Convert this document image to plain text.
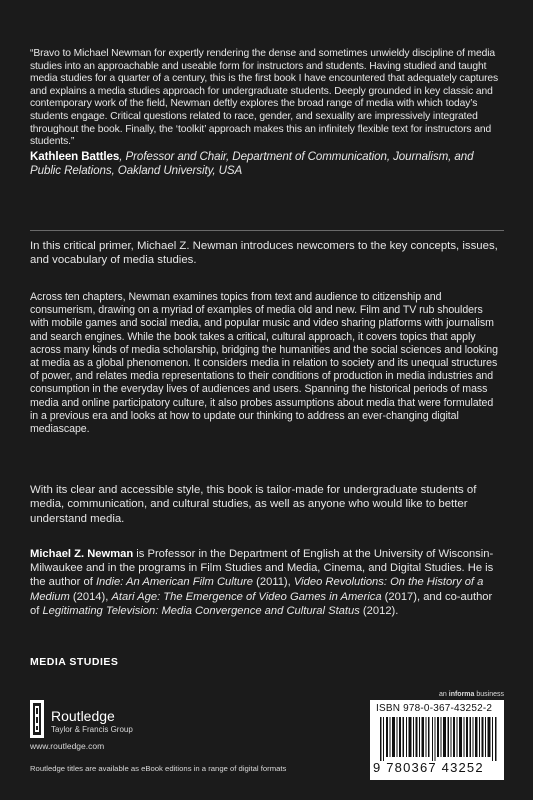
“Bravo to Michael Newman for expertly rendering the dense and sometimes unwieldy discipline of media studies into an approachable and useable form for instructors and students. Having studied and taught media studies for a quarter of a century, this is the first book I have encountered that adequately captures and explains a media studies approach for undergraduate students. Deeply grounded in key classic and contemporary work of the field, Newman deftly explores the broad range of media with which today’s students engage. Critical questions related to race, gender, and sexuality are impressively integrated throughout the book. Finally, the ‘toolkit’ approach makes this an infinitely flexible text for instructors and students.”

Kathleen Battles, Professor and Chair, Department of Communication, Journalism, and Public Relations, Oakland University, USA

In this critical primer, Michael Z. Newman introduces newcomers to the key concepts, issues, and vocabulary of media studies.

Across ten chapters, Newman examines topics from text and audience to citizenship and consumerism, drawing on a myriad of examples of media old and new. Film and TV rub shoulders with mobile games and social media, and popular music and video sharing platforms with journalism and search engines. While the book takes a critical, cultural approach, it covers topics that apply across many kinds of media scholarship, bridging the humanities and the social sciences and looking at media as a global phenomenon. It considers media in relation to society and its unequal structures of power, and relates media representations to their conditions of production in media industries and consumption in the everyday lives of audiences and users. Spanning the historical periods of mass media and online participatory culture, it also probes assumptions about media that were formulated in a previous era and looks at how to update our thinking to address an ever-changing digital mediascape.

With its clear and accessible style, this book is tailor-made for undergraduate students of media, communication, and cultural studies, as well as anyone who would like to better understand media.

Michael Z. Newman is Professor in the Department of English at the University of Wisconsin-Milwaukee and in the programs in Film Studies and Media, Cinema, and Digital Studies. He is the author of Indie: An American Film Culture (2011), Video Revolutions: On the History of a Medium (2014), Atari Age: The Emergence of Video Games in America (2017), and co-author of Legitimating Television: Media Convergence and Cultural Status (2012).

MEDIA STUDIES
Routledge
Taylor & Francis Group
www.routledge.com
Routledge titles are available as eBook editions in a range of digital formats
an informa business
ISBN 978-0-367-43252-2
9 780367 43252
